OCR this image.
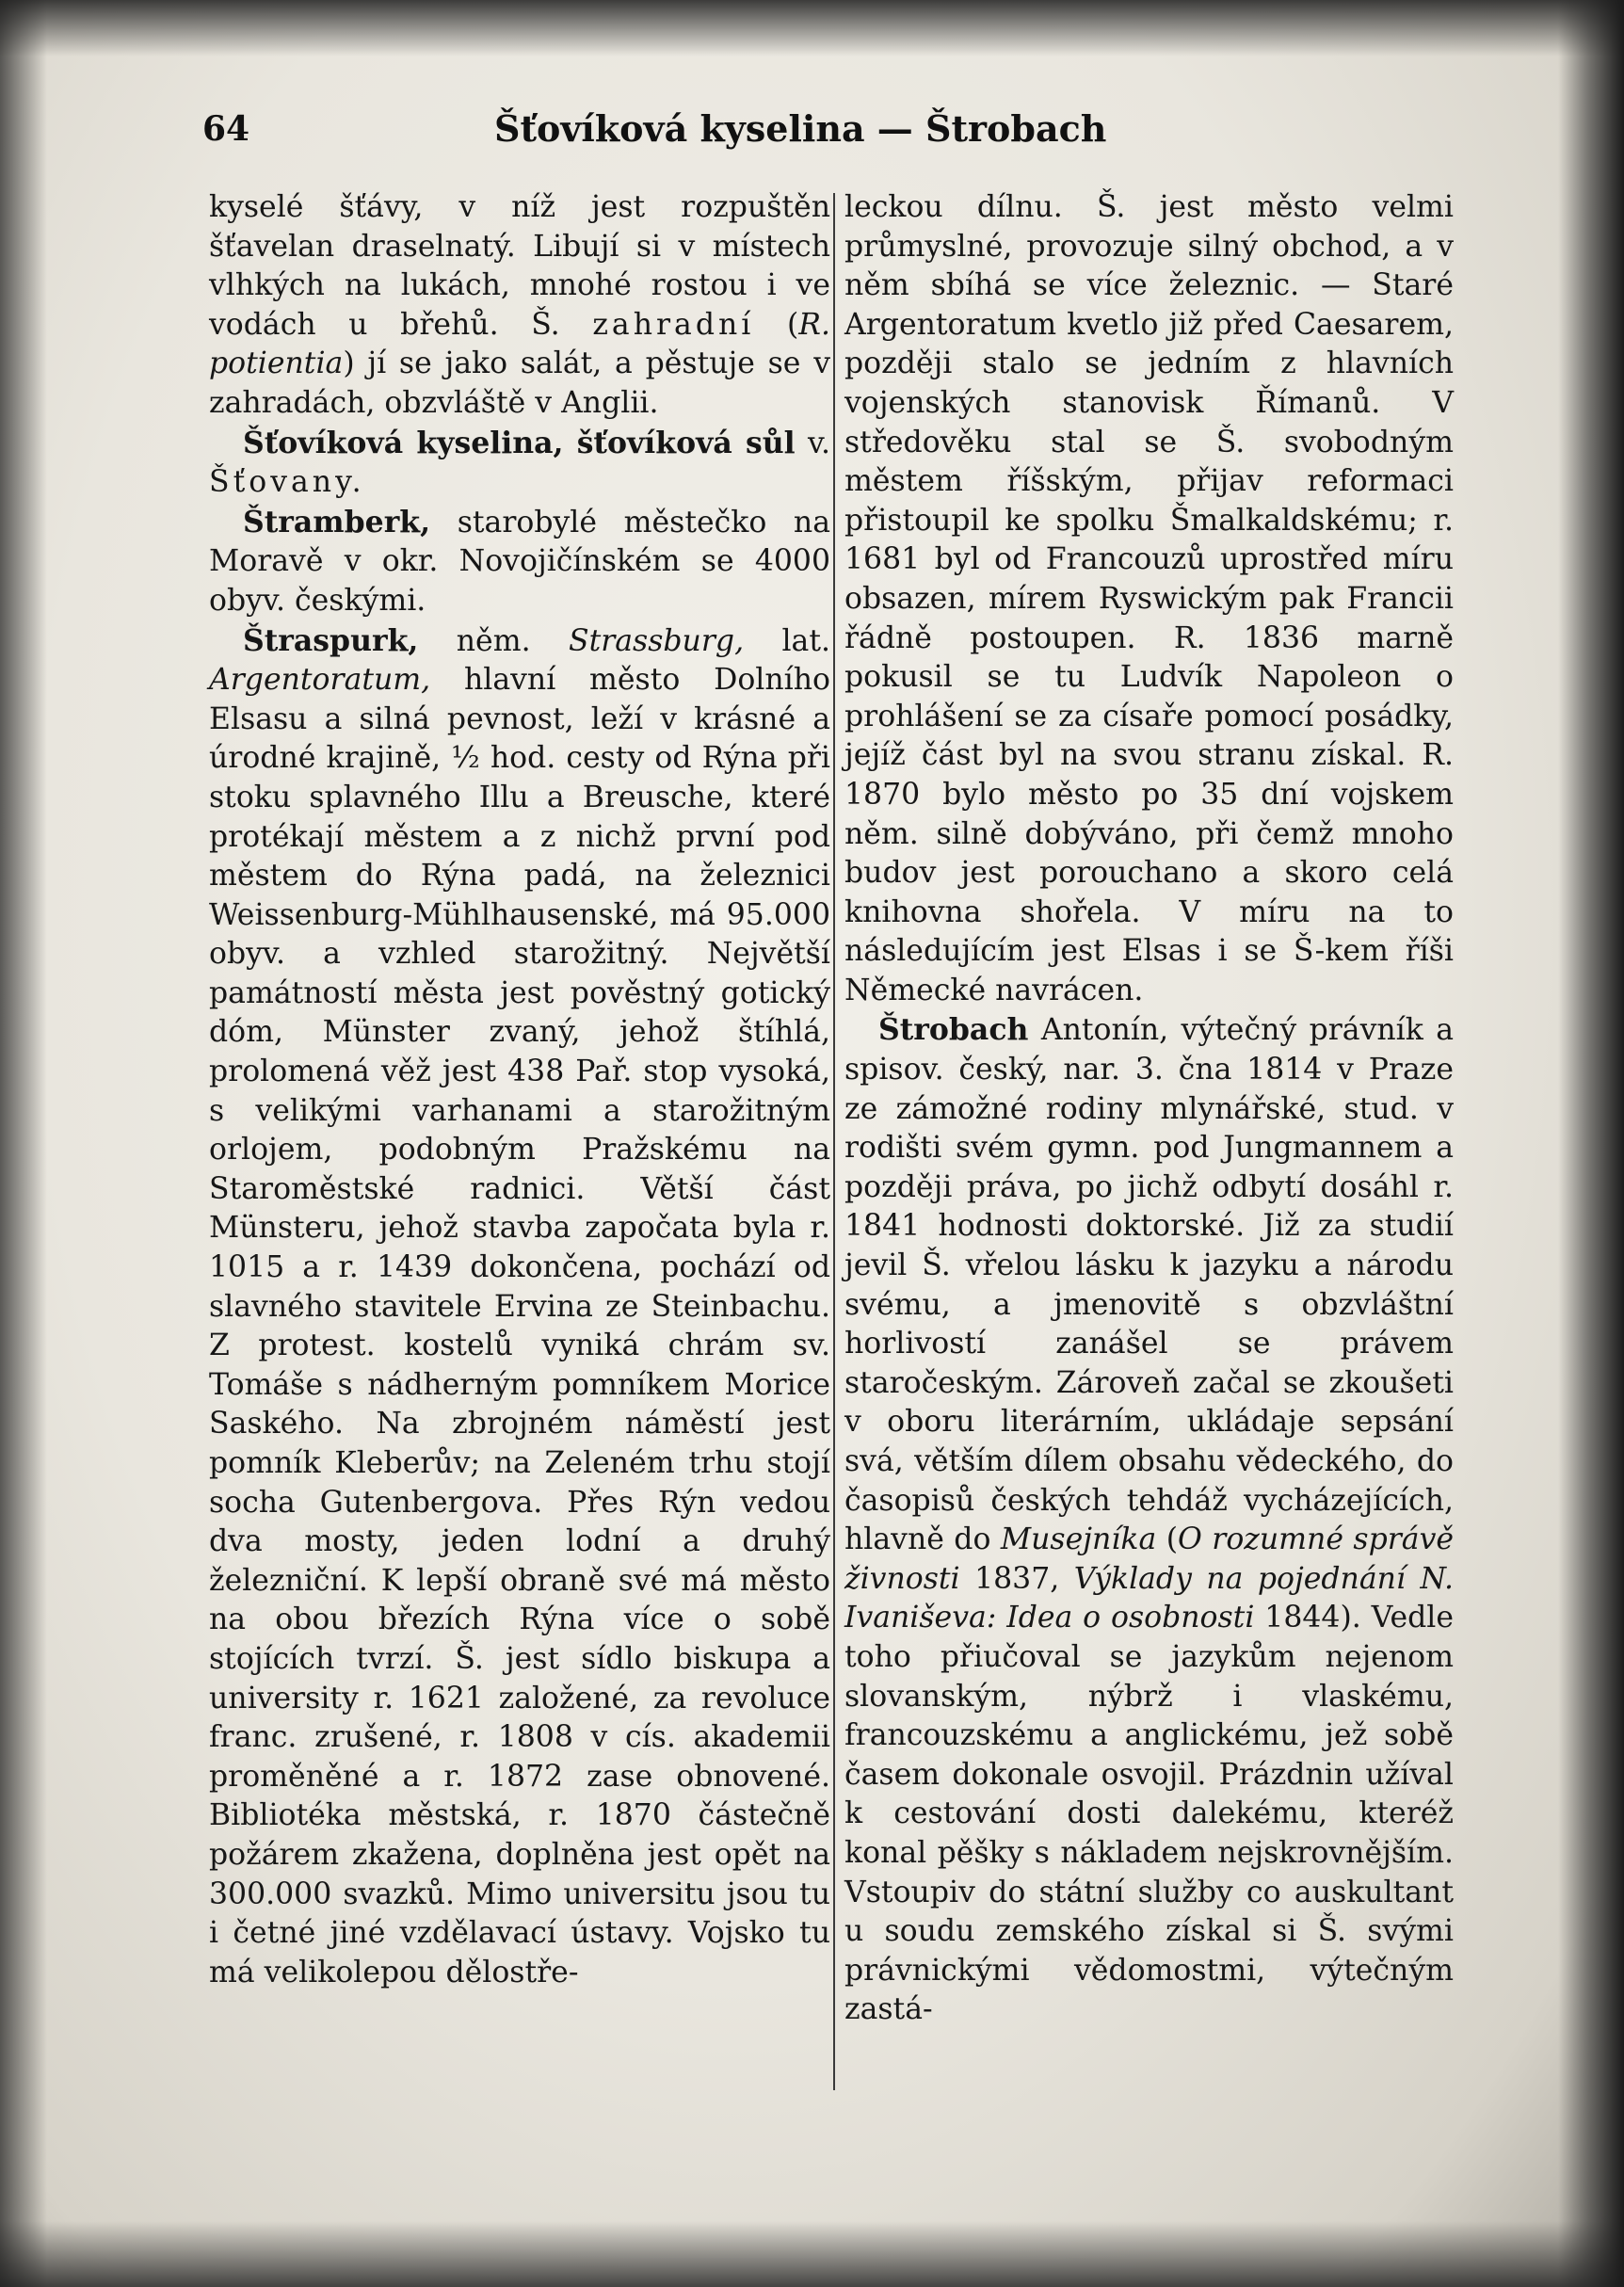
64	Šťovíková kyselina — Štrobach

kyselé šťávy, v níž jest rozpuštěn šťavelan draselnatý. Libují si v místech vlhkých na lukách, mnohé rostou i ve vodách u břehů. Š. zahradní (R. potientia) jí se jako salát, a pěstuje se v zahradách, obzvláště v Anglii.

Šťovíková kyselina, šťovíková sůl v. Šťovany.

Štramberk, starobylé městečko na Moravě v okr. Novojičínském se 4000 obyv. českými.

Štraspurk, něm. Strassburg, lat. Argentoratum, hlavní město Dolního Elsasu a silná pevnost, leží v krásné a úrodné krajině, ½ hod. cesty od Rýna při stoku splavného Illu a Breusche, které protékají městem a z nichž první pod městem do Rýna padá, na železnici Weissenburg-Mühlhausenské, má 95.000 obyv. a vzhled starožitný. Největší památností města jest pověstný gotický dóm, Münster zvaný, jehož štíhlá, prolomená věž jest 438 Pař. stop vysoká, s velikými varhanami a starožitným orlojem, podobným Pražskému na Staroměstské radnici. Větší část Münsteru, jehož stavba započata byla r. 1015 a r. 1439 dokončena, pochází od slavného stavitele Ervina ze Steinbachu. Z protest. kostelů vyniká chrám sv. Tomáše s nádherným pomníkem Morice Saského. Na zbrojném náměstí jest pomník Kleberův; na Zeleném trhu stojí socha Gutenbergova. Přes Rýn vedou dva mosty, jeden lodní a druhý železniční. K lepší obraně své má město na obou březích Rýna více o sobě stojících tvrzí. Š. jest sídlo biskupa a university r. 1621 založené, za revoluce franc. zrušené, r. 1808 v cís. akademii proměněné a r. 1872 zase obnovené. Bibliotéka městská, r. 1870 částečně požárem zkažena, doplněna jest opět na 300.000 svazků. Mimo universitu jsou tu i četné jiné vzdělavací ústavy. Vojsko tu má velikolepou dělostře-

leckou dílnu. Š. jest město velmi průmyslné, provozuje silný obchod, a v něm sbíhá se více železnic. — Staré Argentoratum kvetlo již před Caesarem, později stalo se jedním z hlavních vojenských stanovisk Římanů. V středověku stal se Š. svobodným městem říšským, přijav reformaci přistoupil ke spolku Šmalkaldskému; r. 1681 byl od Francouzů uprostřed míru obsazen, mírem Ryswickým pak Francii řádně postoupen. R. 1836 marně pokusil se tu Ludvík Napoleon o prohlášení se za císaře pomocí posádky, jejíž část byl na svou stranu získal. R. 1870 bylo město po 35 dní vojskem něm. silně dobýváno, při čemž mnoho budov jest porouchano a skoro celá knihovna shořela. V míru na to následujícím jest Elsas i se Š-kem říši Německé navrácen.

Štrobach Antonín, výtečný právník a spisov. český, nar. 3. čna 1814 v Praze ze zámožné rodiny mlynářské, stud. v rodišti svém gymn. pod Jungmannem a později práva, po jichž odbytí dosáhl r. 1841 hodnosti doktorské. Již za studií jevil Š. vřelou lásku k jazyku a národu svému, a jmenovitě s obzvláštní horlivostí zanášel se právem staročeským. Zároveň začal se zkoušeti v oboru literárním, ukládaje sepsání svá, větším dílem obsahu vědeckého, do časopisů českých tehdáž vycházejících, hlavně do Musejníka (O rozumné správě živnosti 1837, Výklady na pojednání N. Ivaniševa: Idea o osobnosti 1844). Vedle toho přiučoval se jazykům nejenom slovanským, nýbrž i vlaskému, francouzskému a anglickému, jež sobě časem dokonale osvojil. Prázdnin užíval k cestování dosti dalekému, kteréž konal pěšky s nákladem nejskrovnějším. Vstoupiv do státní služby co auskultant u soudu zemského získal si Š. svými právnickými vědomostmi, výtečným zastá-
